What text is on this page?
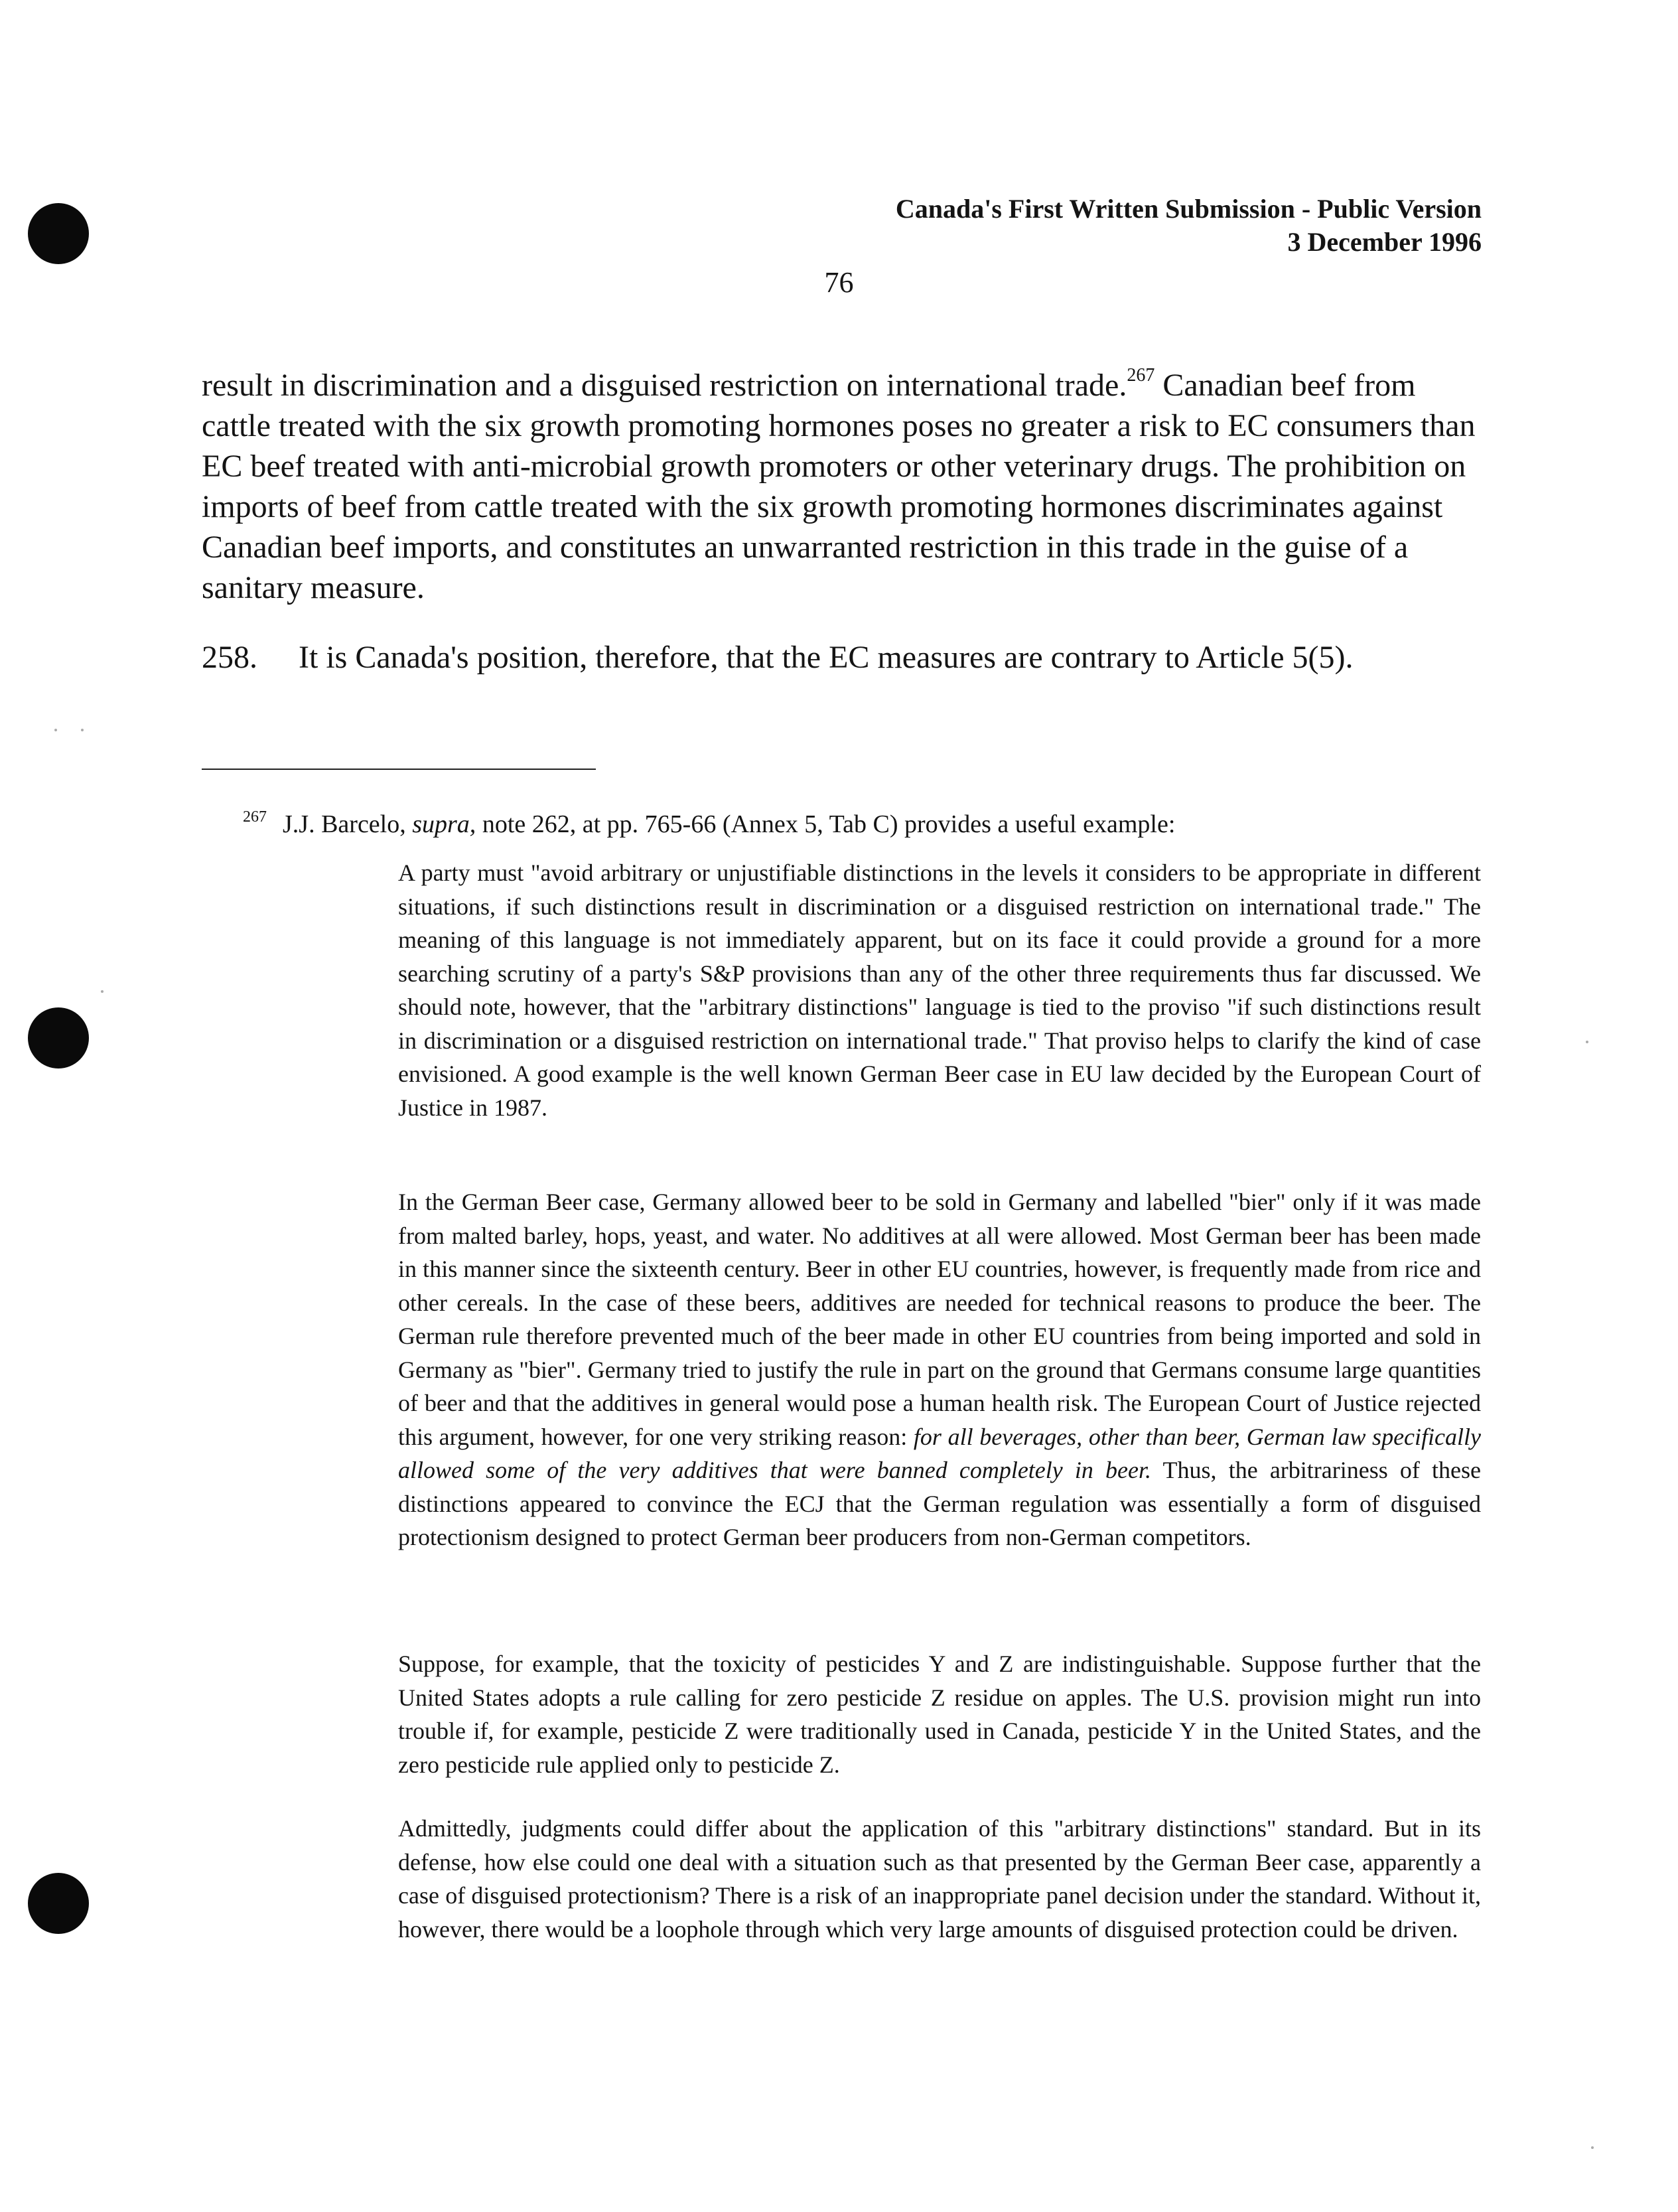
Canada's First Written Submission - Public Version
3 December 1996
76
result in discrimination and a disguised restriction on international trade.$^{267}$ Canadian beef from cattle treated with the six growth promoting hormones poses no greater a risk to EC consumers than EC beef treated with anti-microbial growth promoters or other veterinary drugs. The prohibition on imports of beef from cattle treated with the six growth promoting hormones discriminates against Canadian beef imports, and constitutes an unwarranted restriction in this trade in the guise of a sanitary measure.
258. It is Canada's position, therefore, that the EC measures are contrary to Article 5(5).
$^{267}$ J.J. Barcelo, supra, note 262, at pp. 765-66 (Annex 5, Tab C) provides a useful example:
A party must "avoid arbitrary or unjustifiable distinctions in the levels it considers to be appropriate in different situations, if such distinctions result in discrimination or a disguised restriction on international trade." The meaning of this language is not immediately apparent, but on its face it could provide a ground for a more searching scrutiny of a party's S&P provisions than any of the other three requirements thus far discussed. We should note, however, that the "arbitrary distinctions" language is tied to the proviso "if such distinctions result in discrimination or a disguised restriction on international trade." That proviso helps to clarify the kind of case envisioned. A good example is the well known German Beer case in EU law decided by the European Court of Justice in 1987.
In the German Beer case, Germany allowed beer to be sold in Germany and labelled "bier" only if it was made from malted barley, hops, yeast, and water. No additives at all were allowed. Most German beer has been made in this manner since the sixteenth century. Beer in other EU countries, however, is frequently made from rice and other cereals. In the case of these beers, additives are needed for technical reasons to produce the beer. The German rule therefore prevented much of the beer made in other EU countries from being imported and sold in Germany as "bier". Germany tried to justify the rule in part on the ground that Germans consume large quantities of beer and that the additives in general would pose a human health risk. The European Court of Justice rejected this argument, however, for one very striking reason: for all beverages, other than beer, German law specifically allowed some of the very additives that were banned completely in beer. Thus, the arbitrariness of these distinctions appeared to convince the ECJ that the German regulation was essentially a form of disguised protectionism designed to protect German beer producers from non-German competitors.
Suppose, for example, that the toxicity of pesticides Y and Z are indistinguishable. Suppose further that the United States adopts a rule calling for zero pesticide Z residue on apples. The U.S. provision might run into trouble if, for example, pesticide Z were traditionally used in Canada, pesticide Y in the United States, and the zero pesticide rule applied only to pesticide Z.
Admittedly, judgments could differ about the application of this "arbitrary distinctions" standard. But in its defense, how else could one deal with a situation such as that presented by the German Beer case, apparently a case of disguised protectionism? There is a risk of an inappropriate panel decision under the standard. Without it, however, there would be a loophole through which very large amounts of disguised protection could be driven.
